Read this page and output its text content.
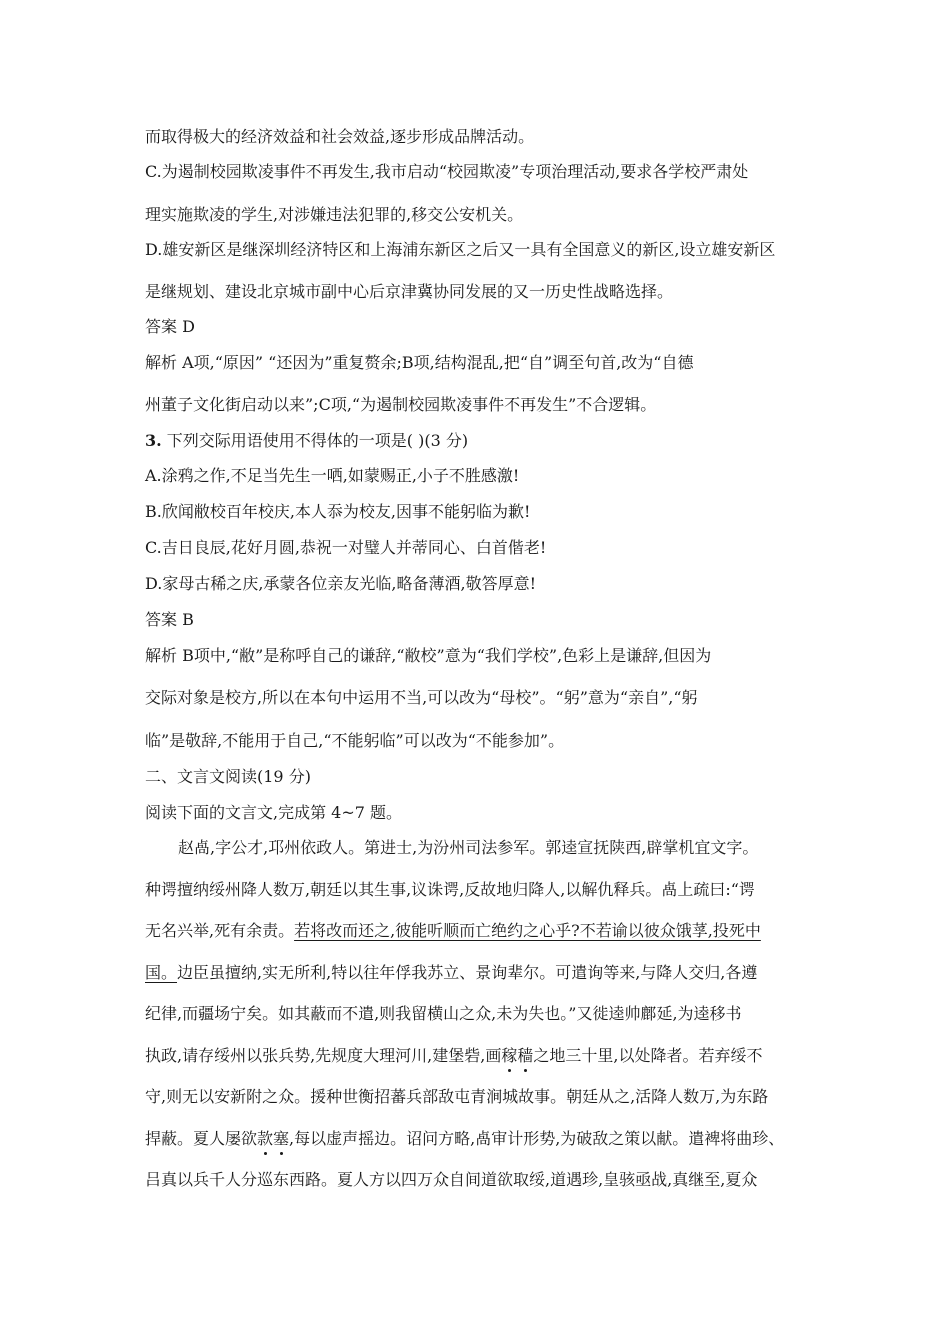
而取得极大的经济效益和社会效益,逐步形成品牌活动。
C.为遏制校园欺凌事件不再发生,我市启动“校园欺凌”专项治理活动,要求各学校严肃处
理实施欺凌的学生,对涉嫌违法犯罪的,移交公安机关。
D.雄安新区是继深圳经济特区和上海浦东新区之后又一具有全国意义的新区,设立雄安新区
是继规划、建设北京城市副中心后京津冀协同发展的又一历史性战略选择。
答案 D
解析 A项,“原因” “还因为”重复赘余;B项,结构混乱,把“自”调至句首,改为“自德
州董子文化街启动以来”;C项,“为遏制校园欺凌事件不再发生”不合逻辑。
3. 下列交际用语使用不得体的一项是( )(3 分)
A.涂鸦之作,不足当先生一哂,如蒙赐正,小子不胜感激!
B.欣闻敝校百年校庆,本人忝为校友,因事不能躬临为歉!
C.吉日良辰,花好月圆,恭祝一对璧人并蒂同心、白首偕老!
D.家母古稀之庆,承蒙各位亲友光临,略备薄酒,敬答厚意!
答案 B
解析 B项中,“敝”是称呼自己的谦辞,“敝校”意为“我们学校”,色彩上是谦辞,但因为
交际对象是校方,所以在本句中运用不当,可以改为“母校”。“躬”意为“亲自”,“躬
临”是敬辞,不能用于自己,“不能躬临”可以改为“不能参加”。
二、文言文阅读(19 分)
阅读下面的文言文,完成第 4~7 题。
赵卨,字公才,邛州依政人。第进士,为汾州司法参军。郭逵宣抚陕西,辟掌机宜文字。
种谔擅纳绥州降人数万,朝廷以其生事,议诛谔,反故地归降人,以解仇释兵。卨上疏曰:“谔
无名兴举,死有余责。若将改而还之,彼能听顺而亡绝约之心乎?不若谕以彼众饿莩,投死中
国。边臣虽擅纳,实无所利,特以往年俘我苏立、景询辈尔。可遣询等来,与降人交归,各遵
纪律,而疆场宁矣。如其蔽而不遣,则我留横山之众,未为失也。”又徙逵帅鄜延,为逵移书
执政,请存绥州以张兵势,先规度大理河川,建堡砦,画稼穑之地三十里,以处降者。若弃绥不
守,则无以安新附之众。援种世衡招蕃兵部敌屯青涧城故事。朝廷从之,活降人数万,为东路
捍蔽。夏人屡欲款塞,每以虚声摇边。诏问方略,卨审计形势,为破敌之策以献。遣裨将曲珍、
吕真以兵千人分巡东西路。夏人方以四万众自间道欲取绥,道遇珍,皇骇亟战,真继至,夏众
